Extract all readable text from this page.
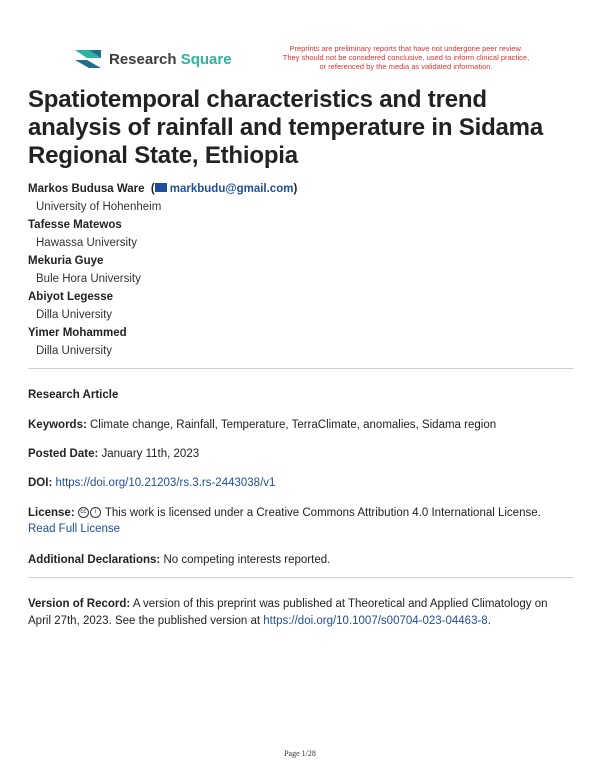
Research Square
Preprints are preliminary reports that have not undergone peer review.
They should not be considered conclusive, used to inform clinical practice,
or referenced by the media as validated information.
Spatiotemporal characteristics and trend analysis of rainfall and temperature in Sidama Regional State, Ethiopia
Markos Budusa Ware  ( markbudu@gmail.com)
University of Hohenheim
Tafesse Matewos
Hawassa University
Mekuria Guye
Bule Hora University
Abiyot Legesse
Dilla University
Yimer Mohammed
Dilla University
Research Article
Keywords: Climate change, Rainfall, Temperature, TerraClimate, anomalies, Sidama region
Posted Date: January 11th, 2023
DOI: https://doi.org/10.21203/rs.3.rs-2443038/v1
License: cc i This work is licensed under a Creative Commons Attribution 4.0 International License.
Read Full License
Additional Declarations: No competing interests reported.
Version of Record: A version of this preprint was published at Theoretical and Applied Climatology on April 27th, 2023. See the published version at https://doi.org/10.1007/s00704-023-04463-8.
Page 1/28
